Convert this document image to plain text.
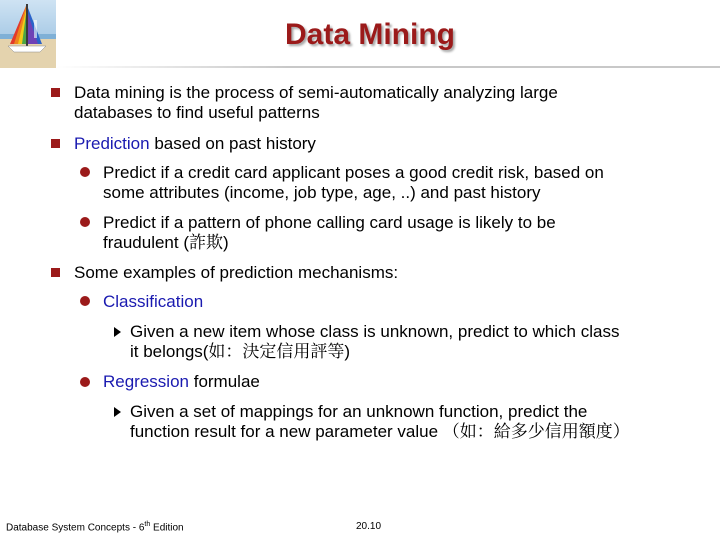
Data Mining
Data mining is the process of semi-automatically analyzing large
databases to find useful patterns
Prediction based on past history
Predict if a credit card applicant poses a good credit risk, based on
some attributes (income, job type, age, ..) and past history
Predict if a pattern of phone calling card usage is likely to be
fraudulent (詐欺)
Some examples of prediction mechanisms:
Classification
Given a new item whose class is unknown, predict to which class
it belongs(如：決定信用評等)
Regression formulae
Given a set of mappings for an unknown function, predict the
function result for a new parameter value （如：給多少信用額度）
Database System Concepts - 6th Edition	20.10
